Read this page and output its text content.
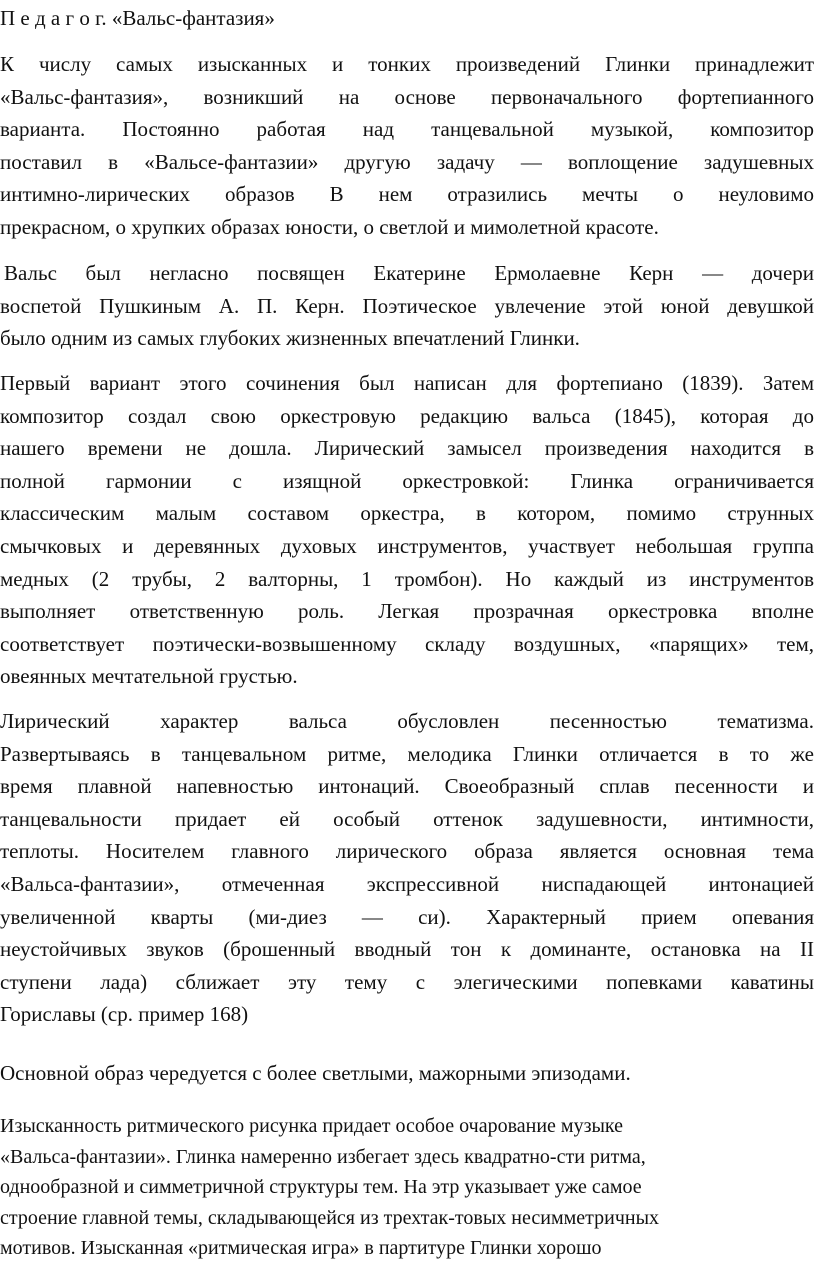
П е д а г о г. «Вальс-фантазия»
К числу самых изысканных и тонких произведений Глинки принадлежит
«Вальс-фантазия», возникший на основе первоначального фортепианного
варианта. Постоянно работая над танцевальной музыкой, композитор
поставил в «Вальсе-фантазии» другую задачу — воплощение задушевных
интимно-лирических образов В нем отразились мечты о неуловимо
прекрасном, о хрупких образах юности, о светлой и мимолетной красоте.
Вальс был негласно посвящен Екатерине Ермолаевне Керн — дочери
воспетой Пушкиным А. П. Керн. Поэтическое увлечение этой юной девушкой
было одним из самых глубоких жизненных впечатлений Глинки.
Первый вариант этого сочинения был написан для фортепиано (1839). Затем
композитор создал свою оркестровую редакцию вальса (1845), которая до
нашего времени не дошла. Лирический замысел произведения находится в
полной гармонии с изящной оркестровкой: Глинка ограничивается
классическим малым составом оркестра, в котором, помимо струнных
смычковых и деревянных духовых инструментов, участвует небольшая группа
медных (2 трубы, 2 валторны, 1 тромбон). Но каждый из инструментов
выполняет ответственную роль. Легкая прозрачная оркестровка вполне
соответствует поэтически-возвышенному складу воздушных, «парящих» тем,
овеянных мечтательной грустью.
Лирический характер вальса обусловлен песенностью тематизма.
Развертываясь в танцевальном ритме, мелодика Глинки отличается в то же
время плавной напевностью интонаций. Своеобразный сплав песенности и
танцевальности придает ей особый оттенок задушевности, интимности,
теплоты. Носителем главного лирического образа является основная тема
«Вальса-фантазии», отмеченная экспрессивной ниспадающей интонацией
увеличенной кварты (ми-диез — си). Характерный прием опевания
неустойчивых звуков (брошенный вводный тон к доминанте, остановка на II
ступени лада) сближает эту тему с элегическими попевками каватины
Гориславы (ср. пример 168)
Основной образ чередуется с более светлыми, мажорными эпизодами.
Изысканность ритмического рисунка придает особое очарование музыке
«Вальса-фантазии». Глинка намеренно избегает здесь квадратно-сти ритма,
однообразной и симметричной структуры тем. На этр указывает уже самое
строение главной темы, складывающейся из трехтак-товых несимметричных
мотивов. Изысканная «ритмическая игра» в партитуре Глинки хорошо
